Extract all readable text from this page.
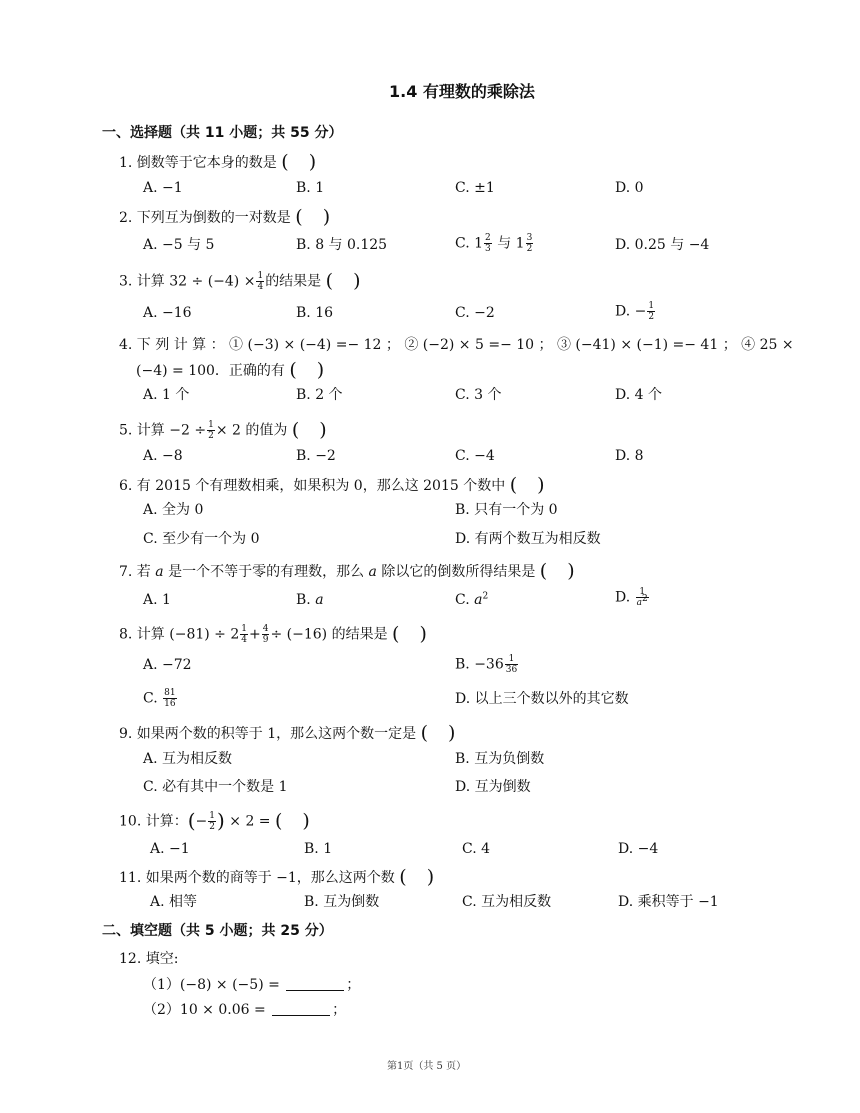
1.4 有理数的乘除法
一、选择题（共 11 小题；共 55 分）
1. 倒数等于它本身的数是 ( )
A. −1	B. 1	C. ±1	D. 0
2. 下列互为倒数的一对数是 ( )
A. −5 与 5	B. 8 与 0.125	C. $1 \frac{2}{3}$ 与 $1 \frac{3}{2}$	D. 0.25 与 −4
3. 计算 $32 \div (-4) \times \frac{1}{4}$ 的结果是 ( )
A. −16	B. 16	C. −2	D. − $\frac{1}{2}$
4. 下 列 计 算 ： ① (−3) × (−4) =− 12 ； ② (−2) × 5 =− 10 ； ③ (−41) × (−1) =− 41 ； ④ 25 ×
(−4) = 100．正确的有 ( )
A. 1 个	B. 2 个	C. 3 个	D. 4 个
5. 计算 $-2 \div \frac{1}{2} \times 2$ 的值为 ( )
A. −8	B. −2	C. −4	D. 8
6. 有 2015 个有理数相乘，如果积为 0，那么这 2015 个数中 ( )
A. 全为 0	B. 只有一个为 0
C. 至少有一个为 0	D. 有两个数互为相反数
7. 若 a 是一个不等于零的有理数，那么 a 除以它的倒数所得结果是 ( )
A. 1	B. a	C. $a^2$	D. $\frac{1}{a^2}$
8. 计算 $(-81) \div 2 \frac{1}{4} + \frac{4}{9} \div (-16)$ 的结果是 ( )
A. −72	B. $-36 \frac{1}{36}$
C. $\frac{81}{16}$	D. 以上三个数以外的其它数
9. 如果两个数的积等于 1，那么这两个数一定是 ( )
A. 互为相反数	B. 互为负倒数
C. 必有其中一个数是 1	D. 互为倒数
10. 计算：(− $\frac{1}{2}$ ) × 2 = ( )
A. −1	B. 1	C. 4	D. −4
11. 如果两个数的商等于 −1，那么这两个数 ( )
A. 相等	B. 互为倒数	C. 互为相反数	D. 乘积等于 −1
二、填空题（共 5 小题；共 25 分）
12. 填空:
（1）(−8) × (−5) =	；
（2）10 × 0.06 =	；
第1页（共 5 页）
